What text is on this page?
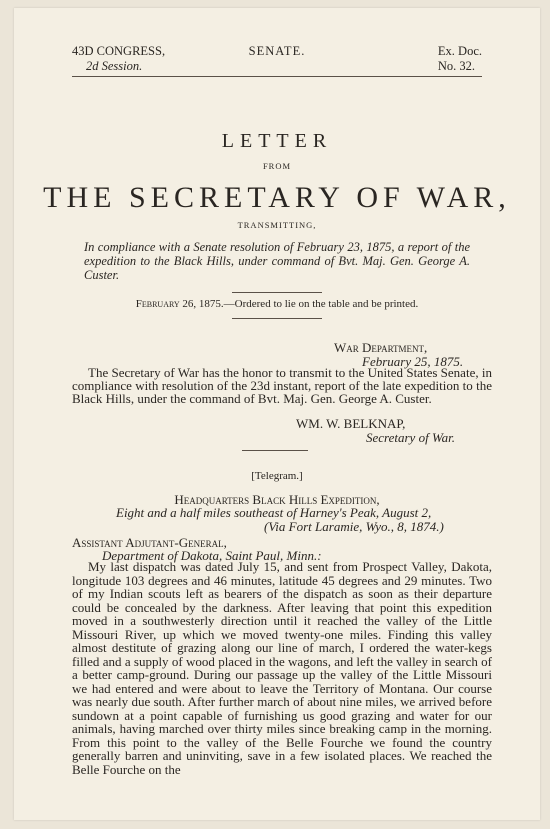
43D CONGRESS,
2d Session.
SENATE.	Ex. Doc.
No. 32.
LETTER
FROM
THE SECRETARY OF WAR,
TRANSMITTING,
In compliance with a Senate resolution of February 23, 1875, a report of the expedition to the Black Hills, under command of Bvt. Maj. Gen. George A. Custer.
February 26, 1875.—Ordered to lie on the table and be printed.
War Department,
February 25, 1875.
The Secretary of War has the honor to transmit to the United States Senate, in compliance with resolution of the 23d instant, report of the late expedition to the Black Hills, under the command of Bvt. Maj. Gen. George A. Custer.
WM. W. BELKNAP,
Secretary of War.
[Telegram.]
Headquarters Black Hills Expedition,
Eight and a half miles southeast of Harney's Peak, August 2,
(Via Fort Laramie, Wyo., 8, 1874.)
Assistant Adjutant-General,
Department of Dakota, Saint Paul, Minn.:
My last dispatch was dated July 15, and sent from Prospect Valley, Dakota, longitude 103 degrees and 46 minutes, latitude 45 degrees and 29 minutes. Two of my Indian scouts left as bearers of the dispatch as soon as their departure could be concealed by the darkness. After leaving that point this expedition moved in a southwesterly direction until it reached the valley of the Little Missouri River, up which we moved twenty-one miles. Finding this valley almost destitute of grazing along our line of march, I ordered the water-kegs filled and a supply of wood placed in the wagons, and left the valley in search of a better camp-ground. During our passage up the valley of the Little Missouri we had entered and were about to leave the Territory of Montana. Our course was nearly due south. After further march of about nine miles, we arrived before sundown at a point capable of furnishing us good grazing and water for our animals, having marched over thirty miles since breaking camp in the morning. From this point to the valley of the Belle Fourche we found the country generally barren and uninviting, save in a few isolated places. We reached the Belle Fourche on the
